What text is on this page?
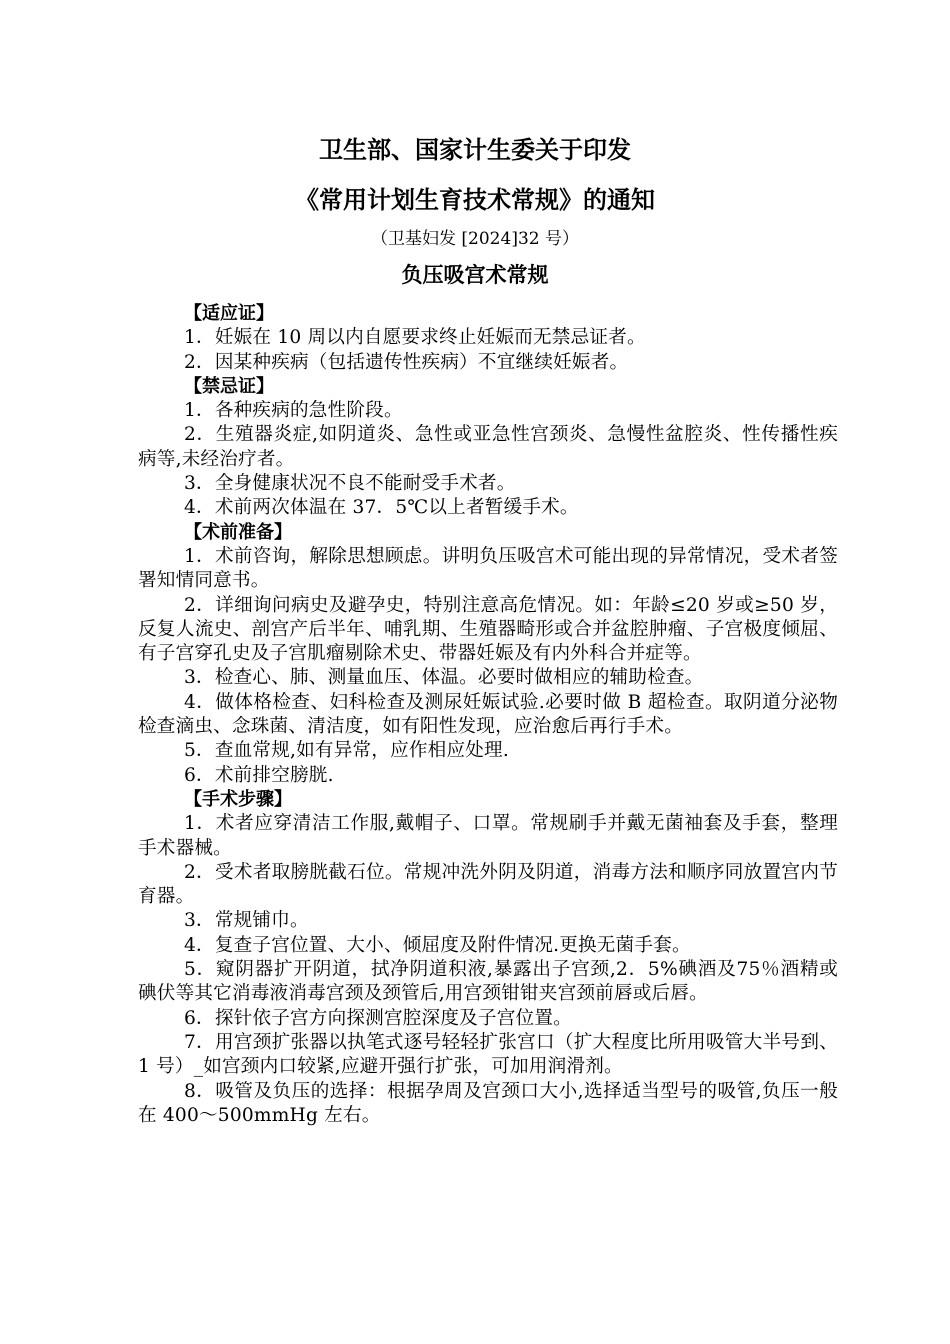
卫生部、国家计生委关于印发
《常用计划生育技术常规》的通知
（卫基妇发 [2024]32 号）
负压吸宫术常规
【适应证】
1．妊娠在 10 周以内自愿要求终止妊娠而无禁忌证者。
2．因某种疾病（包括遗传性疾病）不宜继续妊娠者。
【禁忌证】
1．各种疾病的急性阶段。
2．生殖器炎症,如阴道炎、急性或亚急性宫颈炎、急慢性盆腔炎、性传播性疾病等,未经治疗者。
3．全身健康状况不良不能耐受手术者。
4．术前两次体温在 37．5℃以上者暂缓手术。
【术前准备】
1．术前咨询，解除思想顾虑。讲明负压吸宫术可能出现的异常情况，受术者签署知情同意书。
2．详细询问病史及避孕史，特别注意高危情况。如：年龄≤20 岁或≥50 岁，反复人流史、剖宫产后半年、哺乳期、生殖器畸形或合并盆腔肿瘤、子宫极度倾屈、有子宫穿孔史及子宫肌瘤剔除术史、带器妊娠及有内外科合并症等。
3．检查心、肺、测量血压、体温。必要时做相应的辅助检查。
4．做体格检查、妇科检查及测尿妊娠试验.必要时做 B 超检查。取阴道分泌物检查滴虫、念珠菌、清洁度，如有阳性发现，应治愈后再行手术。
5．查血常规,如有异常，应作相应处理.
6．术前排空膀胱.
【手术步骤】
1．术者应穿清洁工作服,戴帽子、口罩。常规刷手并戴无菌袖套及手套，整理手术器械。
2．受术者取膀胱截石位。常规冲洗外阴及阴道，消毒方法和顺序同放置宫内节育器。
3．常规铺巾。
4．复查子宫位置、大小、倾屈度及附件情况.更换无菌手套。
5．窥阴器扩开阴道，拭净阴道积液,暴露出子宫颈,2．5%碘酒及75％酒精或碘伏等其它消毒液消毒宫颈及颈管后,用宫颈钳钳夹宫颈前唇或后唇。
6．探针依子宫方向探测宫腔深度及子宫位置。
7．用宫颈扩张器以执笔式逐号轻轻扩张宫口（扩大程度比所用吸管大半号到、1 号）_如宫颈内口较紧,应避开强行扩张，可加用润滑剂。
8．吸管及负压的选择：根据孕周及宫颈口大小,选择适当型号的吸管,负压一般在 400～500mmHg 左右。
